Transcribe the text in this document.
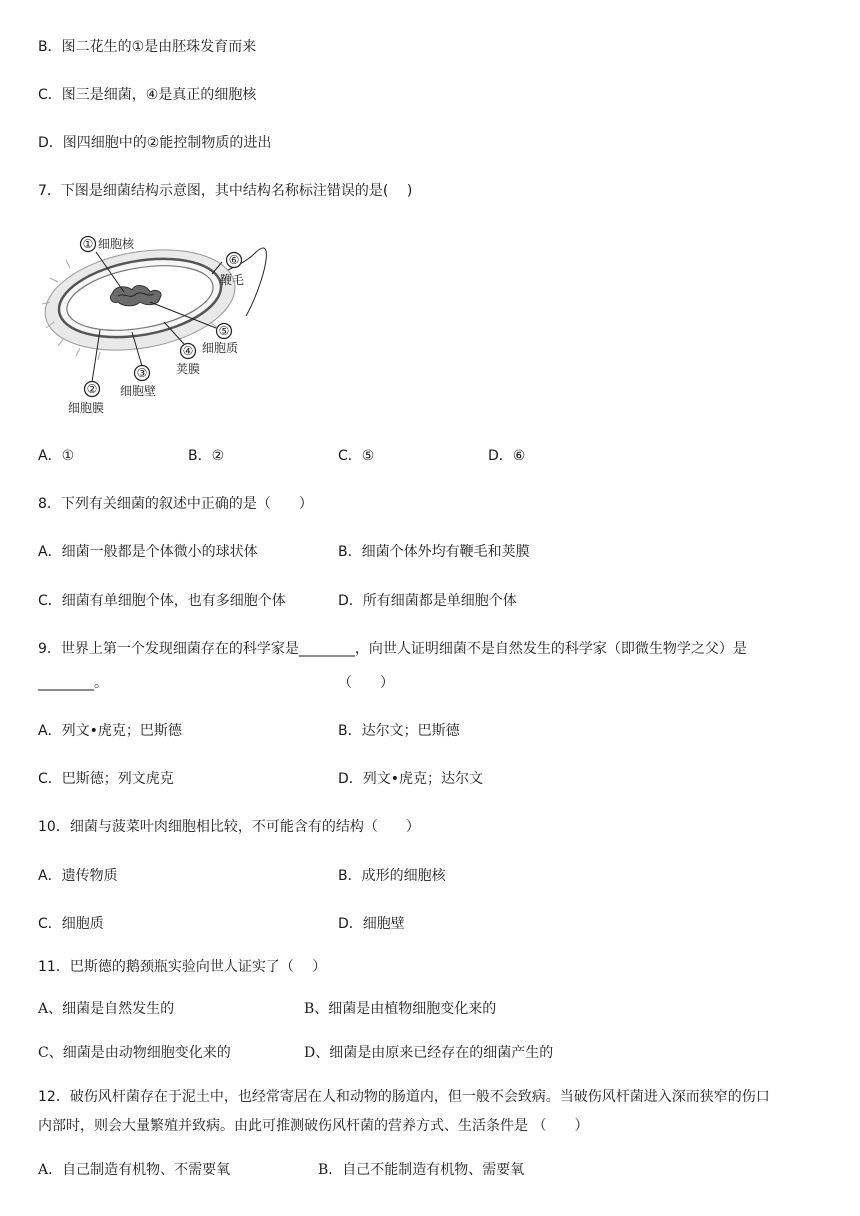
B．图二花生的①是由胚珠发育而来
C．图三是细菌，④是真正的细胞核
D．图四细胞中的②能控制物质的进出
7．下图是细菌结构示意图，其中结构名称标注错误的是(　 )
① 细胞核
⑥
鞭毛
⑤
细胞质
④
荚膜
③
细胞壁
②
细胞膜
A．①	B．②	C．⑤	D．⑥
8．下列有关细菌的叙述中正确的是（　　）
A．细菌一般都是个体微小的球状体	B．细菌个体外均有鞭毛和荚膜
C．细菌有单细胞个体，也有多细胞个体	D．所有细菌都是单细胞个体
9．世界上第一个发现细菌存在的科学家是________，向世人证明细菌不是自然发生的科学家（即微生物学之父）是
________。	（　　）
A．列文•虎克；巴斯德	B．达尔文；巴斯德
C．巴斯德；列文虎克	D．列文•虎克；达尔文
10．细菌与菠菜叶肉细胞相比较，不可能含有的结构（　　）
A．遗传物质	B．成形的细胞核
C．细胞质	D．细胞壁
11．巴斯德的鹅颈瓶实验向世人证实了（　 ）
A、细菌是自然发生的	B、细菌是由植物细胞变化来的
C、细菌是由动物细胞变化来的	D、细菌是由原来已经存在的细菌产生的
12．破伤风杆菌存在于泥土中，也经常寄居在人和动物的肠道内，但一般不会致病。当破伤风杆菌进入深而狭窄的伤口
内部时，则会大量繁殖并致病。由此可推测破伤风杆菌的营养方式、生活条件是 （　　）
A．自己制造有机物、不需要氧	B．自己不能制造有机物、需要氧
